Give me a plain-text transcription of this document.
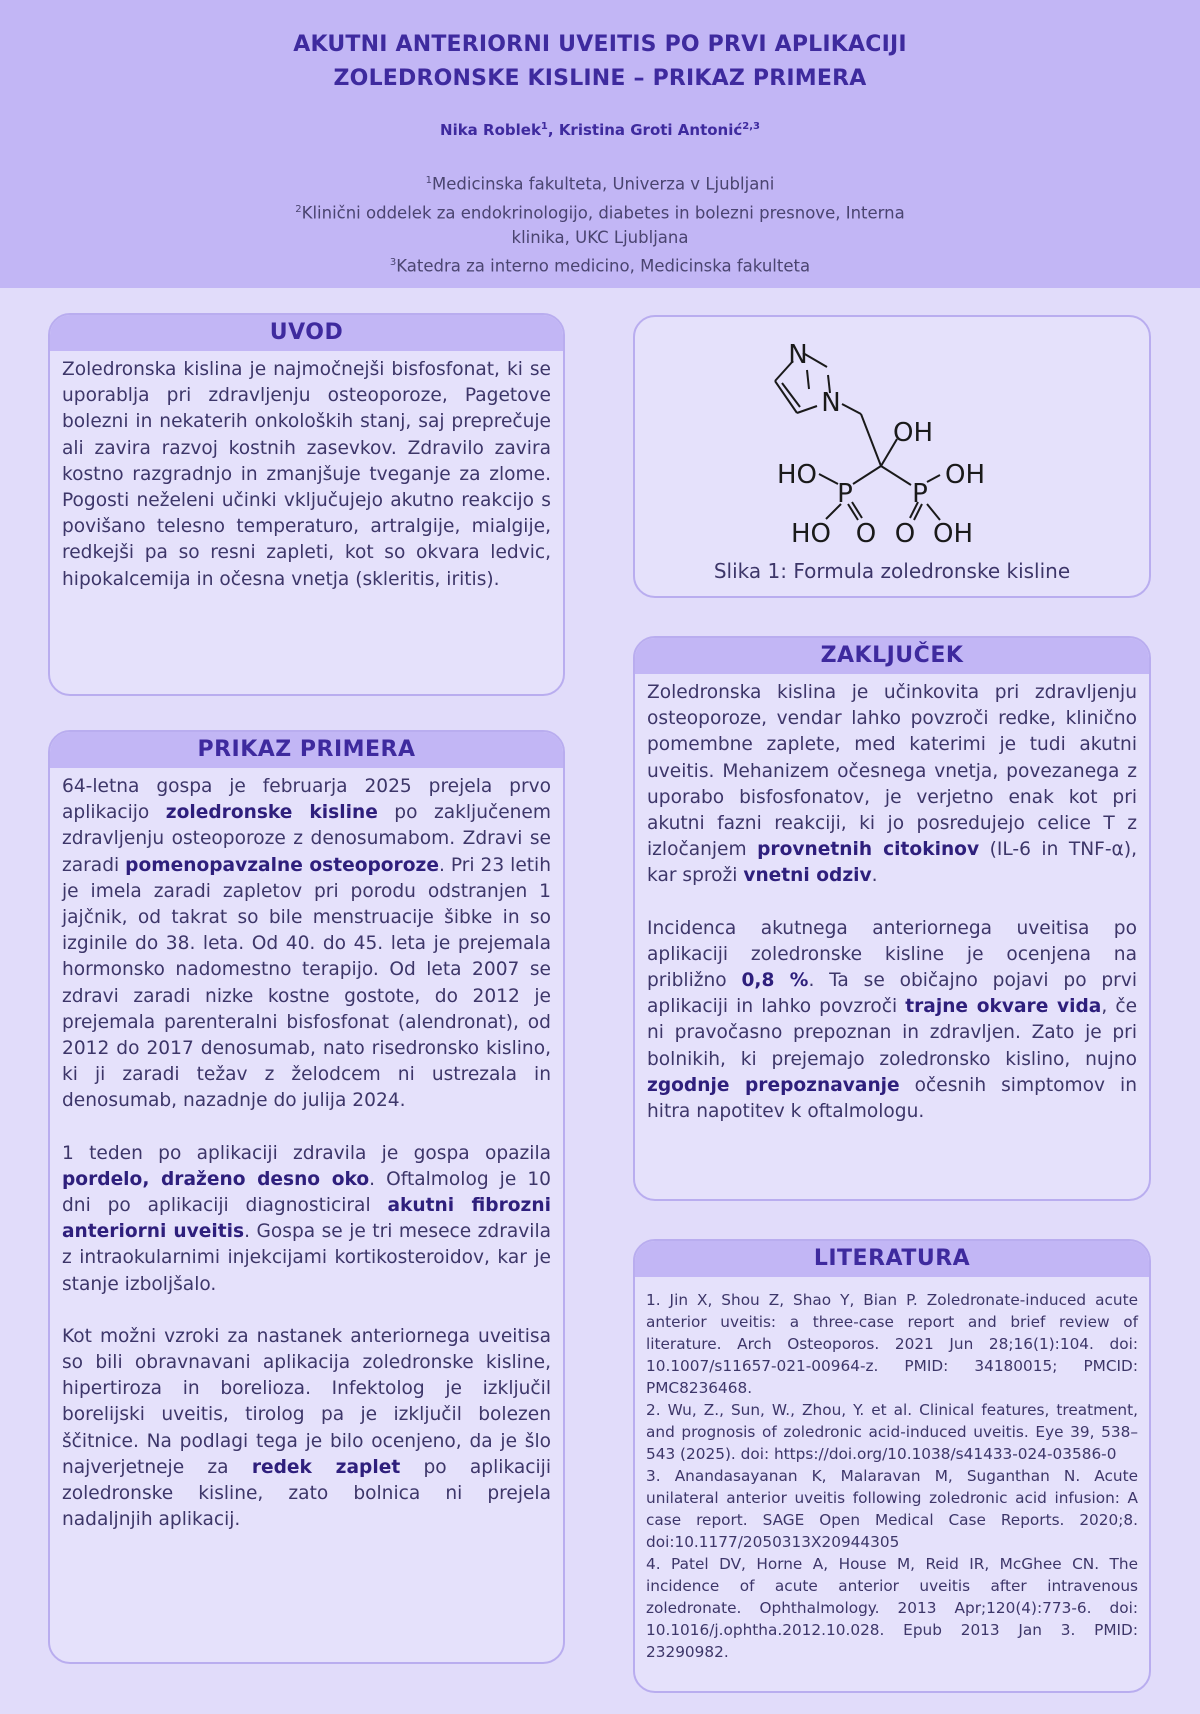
AKUTNI ANTERIORNI UVEITIS PO PRVI APLIKACIJI
ZOLEDRONSKE KISLINE – PRIKAZ PRIMERA
Nika Roblek$^1$, Kristina Groti Antonić$^{2,3}$
$^1$Medicinska fakulteta, Univerza v Ljubljani
$^2$Klinični oddelek za endokrinologijo, diabetes in bolezni presnove, Interna
klinika, UKC Ljubljana
$^3$Katedra za interno medicino, Medicinska fakulteta
UVOD

Zoledronska kislina je najmočnejši bisfosfonat, ki se uporablja pri zdravljenju osteoporoze, Pagetove bolezni in nekaterih onkoloških stanj, saj preprečuje ali zavira razvoj kostnih zasevkov. Zdravilo zavira kostno razgradnjo in zmanjšuje tveganje za zlome. Pogosti neželeni učinki vključujejo akutno reakcijo s povišano telesno temperaturo, artralgije, mialgije, redkejši pa so resni zapleti, kot so okvara ledvic, hipokalcemija in očesna vnetja (skleritis, iritis).

PRIKAZ PRIMERA

64-letna gospa je februarja 2025 prejela prvo aplikacijo zoledronske kisline po zaključenem zdravljenju osteoporoze z denosumabom. Zdravi se zaradi pomenopavzalne osteoporoze. Pri 23 letih je imela zaradi zapletov pri porodu odstranjen 1 jajčnik, od takrat so bile menstruacije šibke in so izginile do 38. leta. Od 40. do 45. leta je prejemala hormonsko nadomestno terapijo. Od leta 2007 se zdravi zaradi nizke kostne gostote, do 2012 je prejemala parenteralni bisfosfonat (alendronat), od 2012 do 2017 denosumab, nato risedronsko kislino, ki ji zaradi težav z želodcem ni ustrezala in denosumab, nazadnje do julija 2024.

1 teden po aplikaciji zdravila je gospa opazila pordelo, draženo desno oko. Oftalmolog je 10 dni po aplikaciji diagnosticiral akutni fibrozni anteriorni uveitis. Gospa se je tri mesece zdravila z intraokularnimi injekcijami kortikosteroidov, kar je stanje izboljšalo.

Kot možni vzroki za nastanek anteriornega uveitisa so bili obravnavani aplikacija zoledronske kisline, hipertiroza in borelioza. Infektolog je izključil borelijski uveitis, tirolog pa je izključil bolezen ščitnice. Na podlagi tega je bilo ocenjeno, da je šlo najverjetneje za redek zaplet po aplikaciji zoledronske kisline, zato bolnica ni prejela nadaljnjih aplikacij.

N
N
OH
HO
P P
OH
HO O O OH
Slika 1: Formula zoledronske kisline
ZAKLJUČEK

Zoledronska kislina je učinkovita pri zdravljenju osteoporoze, vendar lahko povzroči redke, klinično pomembne zaplete, med katerimi je tudi akutni uveitis. Mehanizem očesnega vnetja, povezanega z uporabo bisfosfonatov, je verjetno enak kot pri akutni fazni reakciji, ki jo posredujejo celice T z izločanjem provnetnih citokinov (IL-6 in TNF-α), kar sproži vnetni odziv.

Incidenca akutnega anteriornega uveitisa po aplikaciji zoledronske kisline je ocenjena na približno 0,8 %. Ta se običajno pojavi po prvi aplikaciji in lahko povzroči trajne okvare vida, če ni pravočasno prepoznan in zdravljen. Zato je pri bolnikih, ki prejemajo zoledronsko kislino, nujno zgodnje prepoznavanje očesnih simptomov in hitra napotitev k oftalmologu.

LITERATURA

1. Jin X, Shou Z, Shao Y, Bian P. Zoledronate-induced acute anterior uveitis: a three-case report and brief review of literature. Arch Osteoporos. 2021 Jun 28;16(1):104. doi: 10.1007/s11657-021-00964-z. PMID: 34180015; PMCID: PMC8236468.

2. Wu, Z., Sun, W., Zhou, Y. et al. Clinical features, treatment, and prognosis of zoledronic acid-induced uveitis. Eye 39, 538–543 (2025). doi: https://doi.org/10.1038/s41433-024-03586-0

3. Anandasayanan K, Malaravan M, Suganthan N. Acute unilateral anterior uveitis following zoledronic acid infusion: A case report. SAGE Open Medical Case Reports. 2020;8. doi:10.1177/2050313X20944305

4. Patel DV, Horne A, House M, Reid IR, McGhee CN. The incidence of acute anterior uveitis after intravenous zoledronate. Ophthalmology. 2013 Apr;120(4):773-6. doi: 10.1016/j.ophtha.2012.10.028. Epub 2013 Jan 3. PMID: 23290982.
